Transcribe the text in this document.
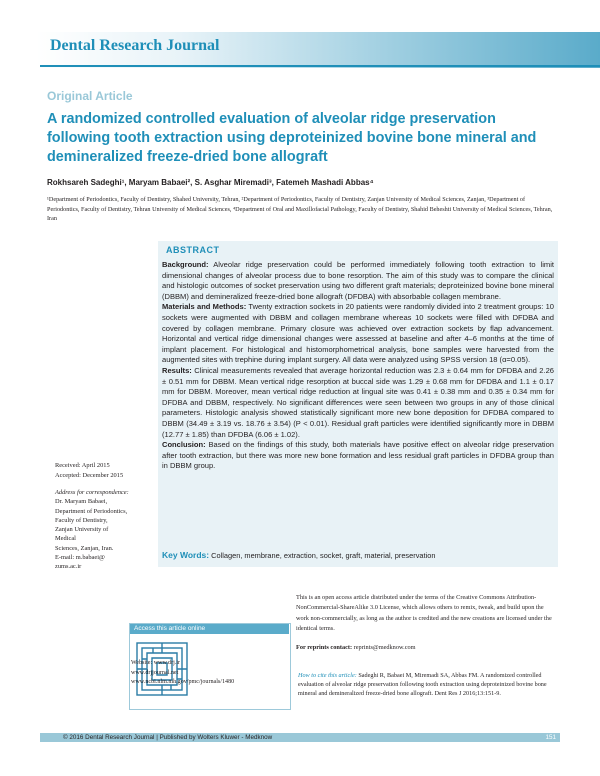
Dental Research Journal
Original Article
A randomized controlled evaluation of alveolar ridge preservation following tooth extraction using deproteinized bovine bone mineral and demineralized freeze-dried bone allograft
Rokhsareh Sadeghi¹, Maryam Babaei², S. Asghar Miremadi³, Fatemeh Mashadi Abbas⁴
¹Department of Periodontics, Faculty of Dentistry, Shahed University, Tehran, ²Department of Periodontics, Faculty of Dentistry, Zanjan University of Medical Sciences, Zanjan, ³Department of Periodontics, Faculty of Dentistry, Tehran University of Medical Sciences, ⁴Department of Oral and Maxillofacial Pathology, Faculty of Dentistry, Shahid Beheshti University of Medical Sciences, Tehran, Iran
ABSTRACT

Background: Alveolar ridge preservation could be performed immediately following tooth extraction to limit dimensional changes of alveolar process due to bone resorption. The aim of this study was to compare the clinical and histologic outcomes of socket preservation using two different graft materials; deproteinized bovine bone mineral (DBBM) and demineralized freeze-dried bone allograft (DFDBA) with absorbable collagen membrane.

Materials and Methods: Twenty extraction sockets in 20 patients were randomly divided into 2 treatment groups: 10 sockets were augmented with DBBM and collagen membrane whereas 10 sockets were filled with DFDBA and covered by collagen membrane. Primary closure was achieved over extraction sockets by flap advancement. Horizontal and vertical ridge dimensional changes were assessed at baseline and after 4–6 months at the time of implant placement. For histological and histomorphometrical analysis, bone samples were harvested from the augmented sites with trephine during implant surgery. All data were analyzed using SPSS version 18 (α=0.05).

Results: Clinical measurements revealed that average horizontal reduction was 2.3 ± 0.64 mm for DFDBA and 2.26 ± 0.51 mm for DBBM. Mean vertical ridge resorption at buccal side was 1.29 ± 0.68 mm for DFDBA and 1.1 ± 0.17 mm for DBBM. Moreover, mean vertical ridge reduction at lingual site was 0.41 ± 0.38 mm and 0.35 ± 0.34 mm for DFDBA and DBBM, respectively. No significant differences were seen between two groups in any of those clinical parameters. Histologic analysis showed statistically significant more new bone deposition for DFDBA compared to DBBM (34.49 ± 3.19 vs. 18.76 ± 3.54) (P < 0.01). Residual graft particles were identified significantly more in DBBM (12.77 ± 1.85) than DFDBA (6.06 ± 1.02).

Conclusion: Based on the findings of this study, both materials have positive effect on alveolar ridge preservation after tooth extraction, but there was more new bone formation and less residual graft particles in DFDBA group than in DBBM group.

Key Words: Collagen, membrane, extraction, socket, graft, material, preservation
Received: April 2015
Accepted: December 2015
Address for correspondence:
Dr. Maryam Babaei,
Department of Periodontics,
Faculty of Dentistry,
Zanjan University of Medical
Sciences, Zanjan, Iran.
E-mail: m.babaei@
zums.ac.ir
This is an open access article distributed under the terms of the Creative Commons Attribution-NonCommercial-ShareAlike 3.0 License, which allows others to remix, tweak, and build upon the work non-commercially, as long as the author is credited and the new creations are licensed under the identical terms.
For reprints contact: reprints@medknow.com
Access this article online
Website: www.drj.ir
www.drjjournal.net
www.ncbi.nlm.nih.gov/pmc/journals/1480
How to cite this article: Sadeghi R, Babaei M, Miremadi SA, Abbas FM. A randomized controlled evaluation of alveolar ridge preservation following tooth extraction using deproteinized bovine bone mineral and demineralized freeze-dried bone allograft. Dent Res J 2016;13:151-9.
© 2016 Dental Research Journal | Published by Wolters Kluwer - Medknow	151
